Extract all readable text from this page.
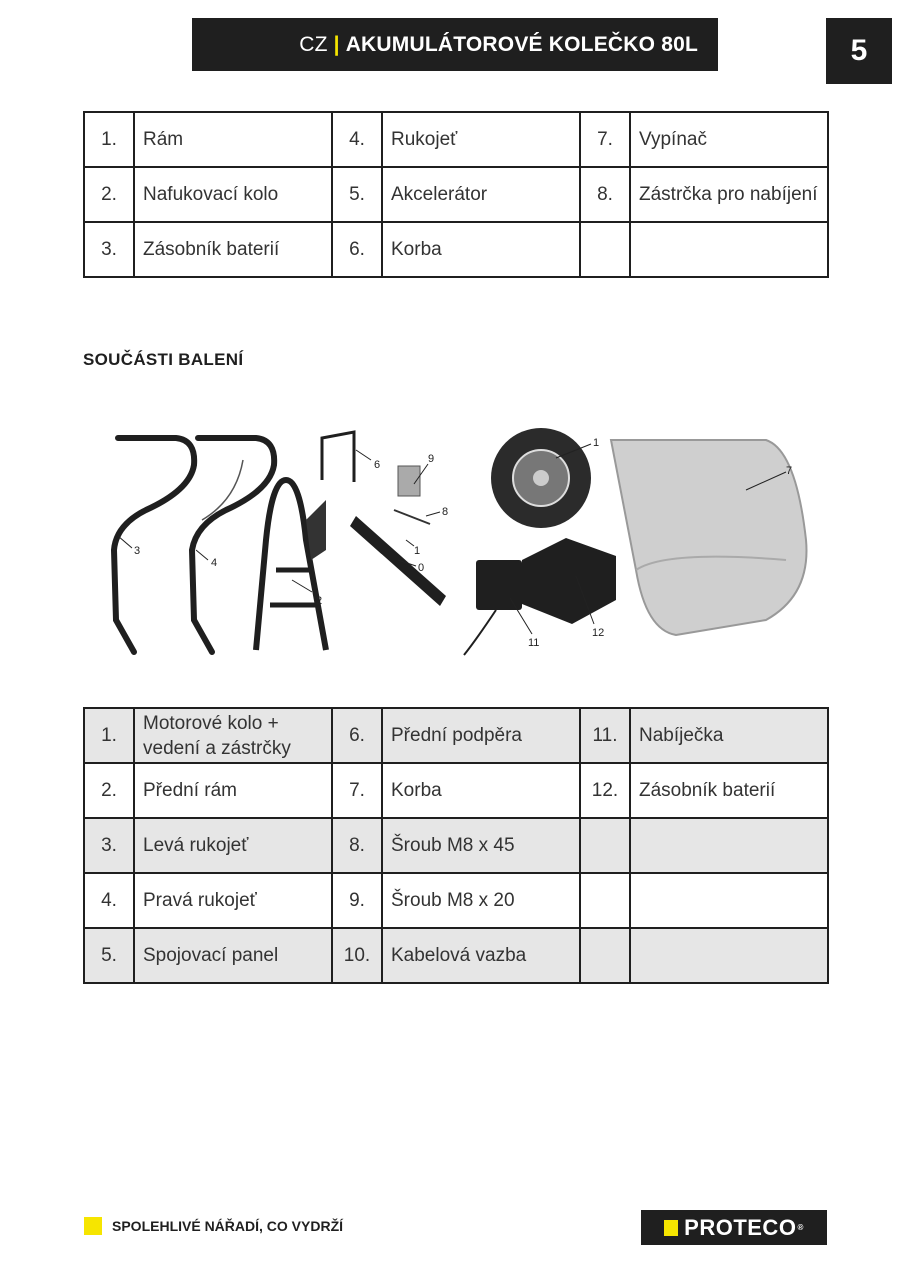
CZ | AKUMULÁTOROVÉ KOLEČKO 80L	5
1.	Rám	4.	Rukojeť	7.	Vypínač
2.	Nafukovací kolo	5.	Akcelerátor	8.	Zástrčka pro nabíjení
3.	Zásobník baterií	6.	Korba		
SOUČÁSTI BALENÍ
1
2
3
4
6	7
8
9
0
1
11
12
1.	Motorové kolo + vedení a zástrčky	6.	Přední podpěra	11.	Nabíječka
2.	Přední rám	7.	Korba	12.	Zásobník baterií
3.	Levá rukojeť	8.	Šroub M8 x 45		
4.	Pravá rukojeť	9.	Šroub M8 x 20		
5.	Spojovací panel	10.	Kabelová vazba		
SPOLEHLIVÉ NÁŘADÍ, CO VYDRŽÍ	PROTECO ®
